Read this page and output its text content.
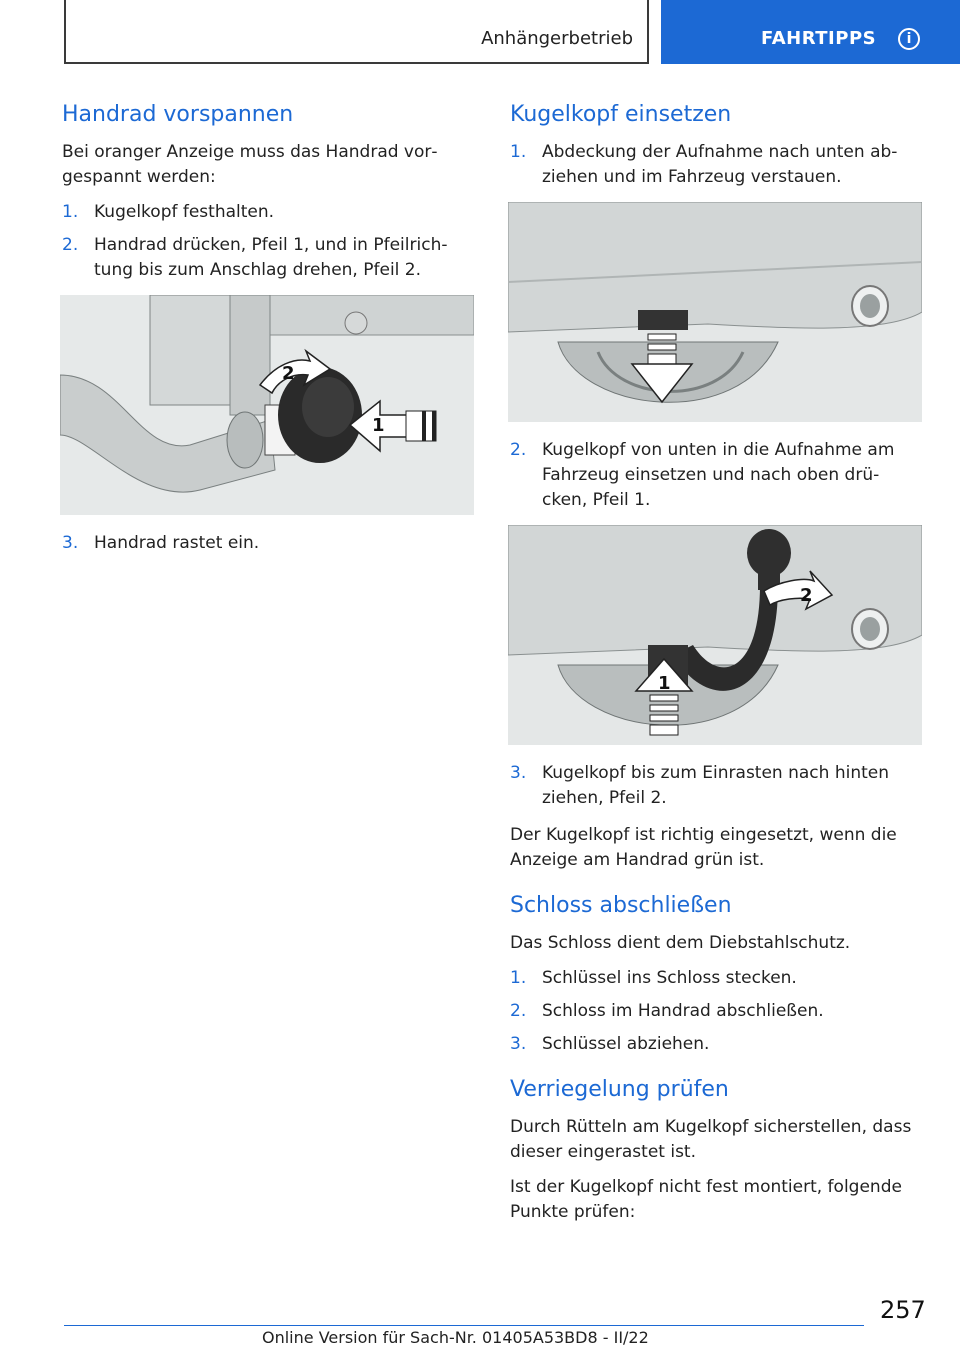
Anhängerbetrieb	FAHRTIPPS	i
Handrad vorspannen

Bei oranger Anzeige muss das Handrad vor‐gespannt werden:

1. Kugelkopf festhalten.
2. Handrad drücken, Pfeil 1, und in Pfeilrich‐tung bis zum Anschlag drehen, Pfeil 2.
1
2
3. Handrad rastet ein.
Kugelkopf einsetzen
1. Abdeckung der Aufnahme nach unten ab‐ziehen und im Fahrzeug verstauen.
2. Kugelkopf von unten in die Aufnahme am Fahrzeug einsetzen und nach oben drü‐cken, Pfeil 1.
1
2
3. Kugelkopf bis zum Einrasten nach hinten ziehen, Pfeil 2.

Der Kugelkopf ist richtig eingesetzt, wenn die Anzeige am Handrad grün ist.

Schloss abschließen

Das Schloss dient dem Diebstahlschutz.

1. Schlüssel ins Schloss stecken.
2. Schloss im Handrad abschließen.
3. Schlüssel abziehen.
Verriegelung prüfen

Durch Rütteln am Kugelkopf sicherstellen, dass dieser eingerastet ist.

Ist der Kugelkopf nicht fest montiert, folgende Punkte prüfen:

257
Online Version für Sach-Nr. 01405A53BD8 - II/22
